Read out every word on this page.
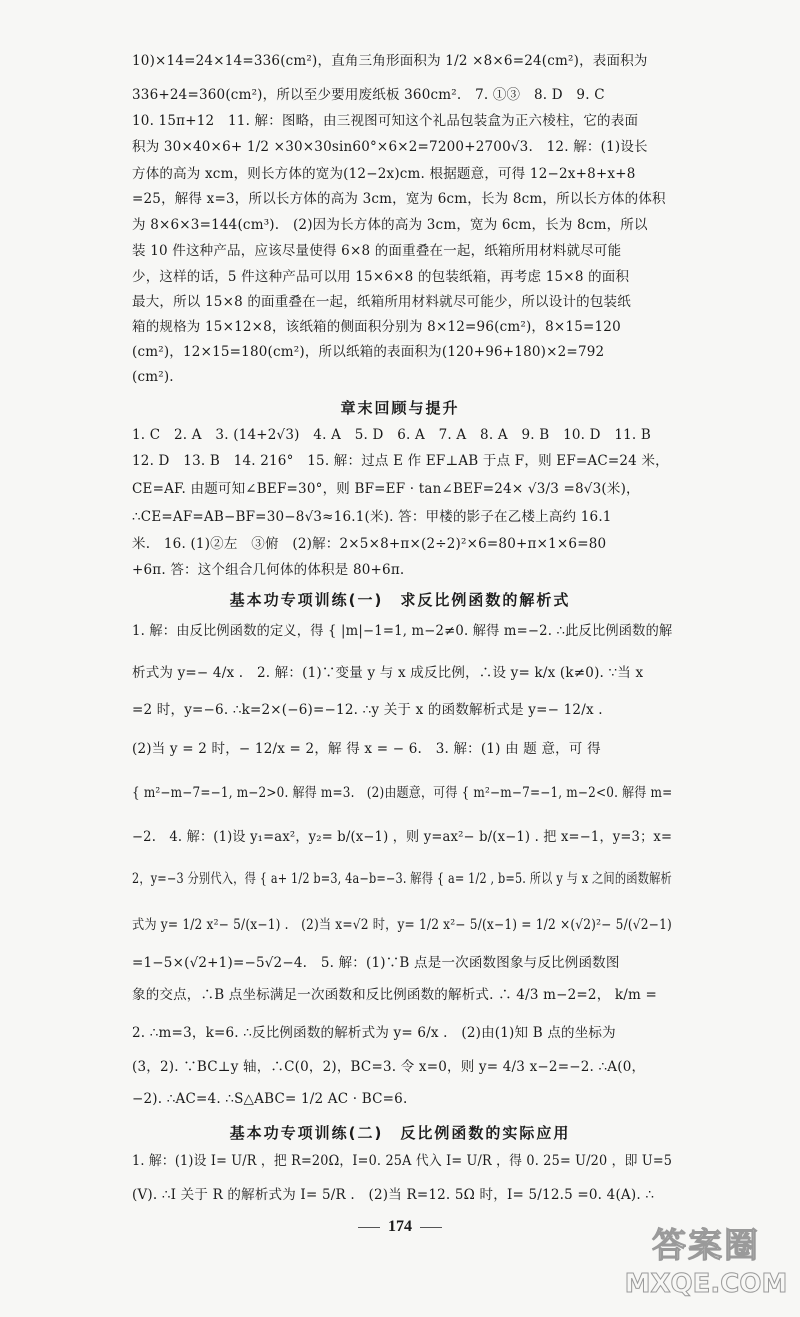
10)×14=24×14=336(cm²)，直角三角形面积为 1/2 ×8×6=24(cm²)，表面积为
336+24=360(cm²)，所以至少要用废纸板 360cm².　7. ①③　8. D　9. C
10. 15π+12　11. 解：图略，由三视图可知这个礼品包装盒为正六棱柱，它的表面
积为 30×40×6+ 1/2 ×30×30sin60°×6×2=7200+2700√3.　12. 解：(1)设长
方体的高为 xcm，则长方体的宽为(12−2x)cm. 根据题意，可得 12−2x+8+x+8
=25，解得 x=3，所以长方体的高为 3cm，宽为 6cm，长为 8cm，所以长方体的体积
为 8×6×3=144(cm³).　(2)因为长方体的高为 3cm，宽为 6cm，长为 8cm，所以
装 10 件这种产品，应该尽量使得 6×8 的面重叠在一起，纸箱所用材料就尽可能
少，这样的话，5 件这种产品可以用 15×6×8 的包装纸箱，再考虑 15×8 的面积
最大，所以 15×8 的面重叠在一起，纸箱所用材料就尽可能少，所以设计的包装纸
箱的规格为 15×12×8，该纸箱的侧面积分别为 8×12=96(cm²)，8×15=120
(cm²)，12×15=180(cm²)，所以纸箱的表面积为(120+96+180)×2=792
(cm²).
章末回顾与提升
1. C　2. A　3. (14+2√3)　4. A　5. D　6. A　7. A　8. A　9. B　10. D　11. B
12. D　13. B　14. 216°　15. 解：过点 E 作 EF⊥AB 于点 F，则 EF=AC=24 米，
CE=AF. 由题可知∠BEF=30°，则 BF=EF · tan∠BEF=24× √3/3 =8√3(米)，
∴CE=AF=AB−BF=30−8√3≈16.1(米). 答：甲楼的影子在乙楼上高约 16.1
米.　16. (1)②左　③俯　(2)解：2×5×8+π×(2÷2)²×6=80+π×1×6=80
+6π. 答：这个组合几何体的体积是 80+6π.
基本功专项训练(一)　求反比例函数的解析式
1. 解：由反比例函数的定义，得 { |m|−1=1, m−2≠0. 解得 m=−2. ∴此反比例函数的解
析式为 y=− 4/x .　2. 解：(1)∵变量 y 与 x 成反比例，∴设 y= k/x (k≠0). ∵当 x
=2 时，y=−6. ∴k=2×(−6)=−12. ∴y 关于 x 的函数解析式是 y=− 12/x .
(2)当 y = 2 时，− 12/x = 2，解 得 x = − 6.　3. 解：(1) 由 题 意，可 得
{ m²−m−7=−1, m−2>0. 解得 m=3.　(2)由题意，可得 { m²−m−7=−1, m−2<0. 解得 m=
−2.　4. 解：(1)设 y₁=ax²，y₂= b/(x−1) ，则 y=ax²− b/(x−1) . 把 x=−1，y=3；x=
2，y=−3 分别代入，得 { a+ 1/2 b=3, 4a−b=−3. 解得 { a= 1/2 , b=5. 所以 y 与 x 之间的函数解析
式为 y= 1/2 x²− 5/(x−1) .　(2)当 x=√2 时，y= 1/2 x²− 5/(x−1) = 1/2 ×(√2)²− 5/(√2−1)
=1−5×(√2+1)=−5√2−4.　5. 解：(1)∵B 点是一次函数图象与反比例函数图
象的交点，∴B 点坐标满足一次函数和反比例函数的解析式. ∴ 4/3 m−2=2， k/m =
2. ∴m=3，k=6. ∴反比例函数的解析式为 y= 6/x .　(2)由(1)知 B 点的坐标为
(3，2). ∵BC⊥y 轴，∴C(0，2)，BC=3. 令 x=0，则 y= 4/3 x−2=−2. ∴A(0，
−2). ∴AC=4. ∴S△ABC= 1/2 AC · BC=6.
基本功专项训练(二)　反比例函数的实际应用
1. 解：(1)设 I= U/R ，把 R=20Ω，I=0. 25A 代入 I= U/R ，得 0. 25= U/20 ，即 U=5
(V). ∴I 关于 R 的解析式为 I= 5/R .　(2)当 R=12. 5Ω 时，I= 5/12.5 =0. 4(A). ∴
174	答案圈
MXQE.COM
